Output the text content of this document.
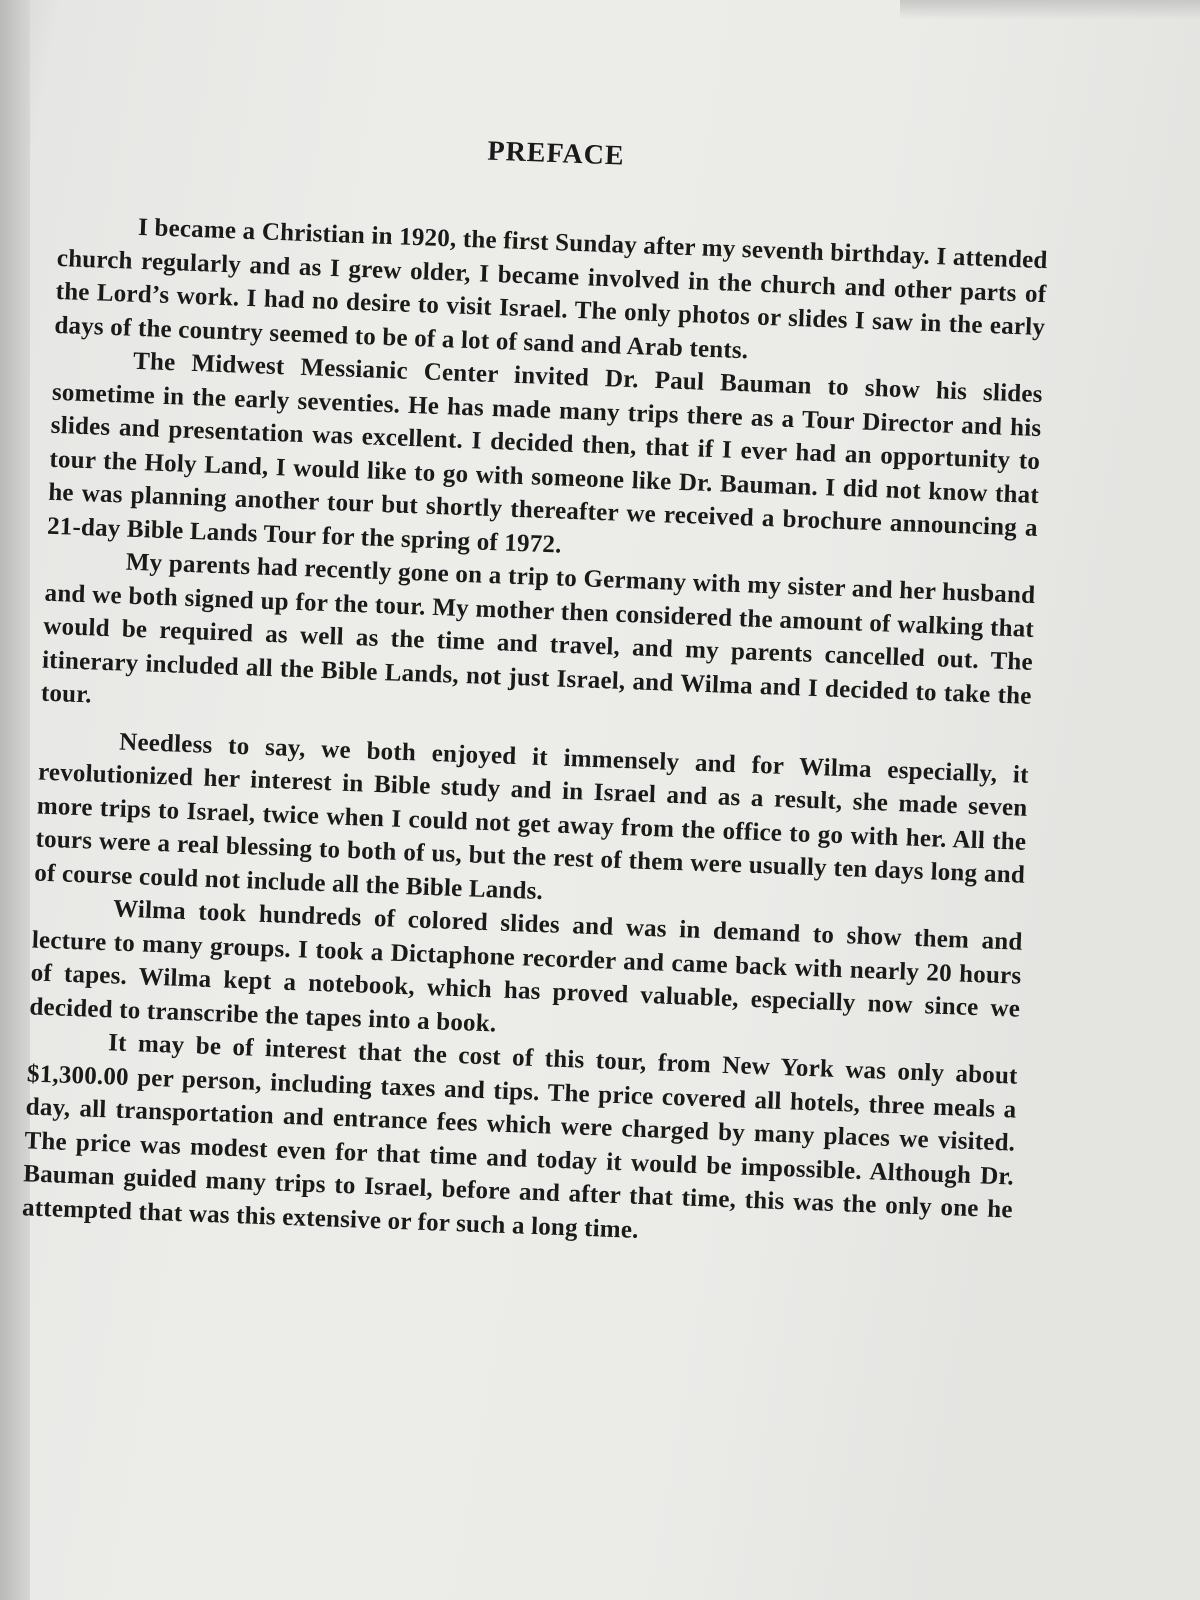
PREFACE

I became a Christian in 1920, the first Sunday after my seventh birthday. I attended church regularly and as I grew older, I became involved in the church and other parts of the Lord’s work. I had no desire to visit Israel. The only photos or slides I saw in the early days of the country seemed to be of a lot of sand and Arab tents.

The Midwest Messianic Center invited Dr. Paul Bauman to show his slides sometime in the early seventies. He has made many trips there as a Tour Director and his slides and presentation was excellent. I decided then, that if I ever had an opportunity to tour the Holy Land, I would like to go with someone like Dr. Bauman. I did not know that he was planning another tour but shortly thereafter we received a brochure announcing a 21-day Bible Lands Tour for the spring of 1972.

My parents had recently gone on a trip to Germany with my sister and her husband and we both signed up for the tour. My mother then considered the amount of walking that would be required as well as the time and travel, and my parents cancelled out. The itinerary included all the Bible Lands, not just Israel, and Wilma and I decided to take the tour.

Needless to say, we both enjoyed it immensely and for Wilma especially, it revolutionized her interest in Bible study and in Israel and as a result, she made seven more trips to Israel, twice when I could not get away from the office to go with her. All the tours were a real blessing to both of us, but the rest of them were usually ten days long and of course could not include all the Bible Lands.

Wilma took hundreds of colored slides and was in demand to show them and lecture to many groups. I took a Dictaphone recorder and came back with nearly 20 hours of tapes. Wilma kept a notebook, which has proved valuable, especially now since we decided to transcribe the tapes into a book.

It may be of interest that the cost of this tour, from New York was only about $1,300.00 per person, including taxes and tips. The price covered all hotels, three meals a day, all transportation and entrance fees which were charged by many places we visited. The price was modest even for that time and today it would be impossible. Although Dr. Bauman guided many trips to Israel, before and after that time, this was the only one he attempted that was this extensive or for such a long time.
